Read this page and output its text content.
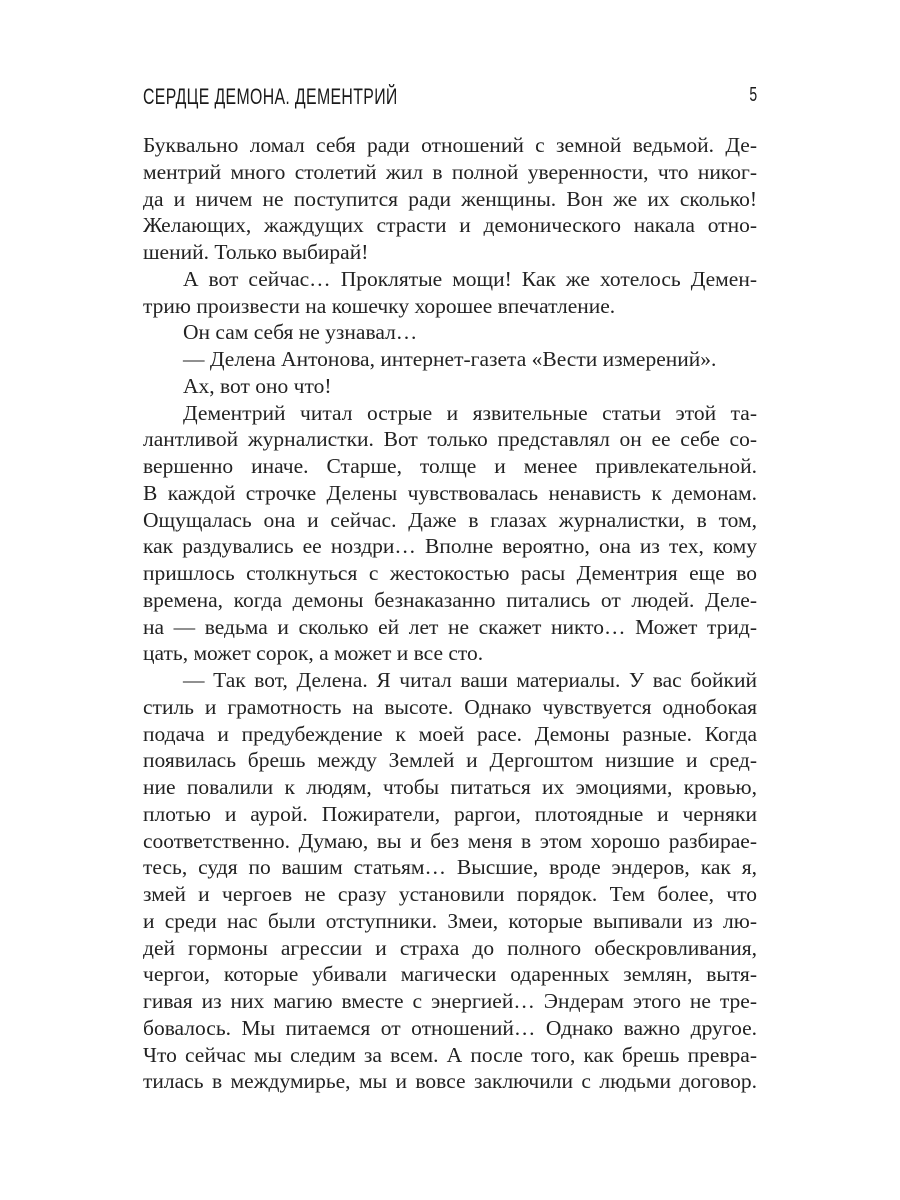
СЕРДЦЕ ДЕМОНА. ДЕМЕНТРИЙ	5
Буквально ломал себя ради отношений с земной ведьмой. Де-
ментрий много столетий жил в полной уверенности, что никог-
да и ничем не поступится ради женщины. Вон же их сколько!
Желающих, жаждущих страсти и демонического накала отно-
шений. Только выбирай!
А вот сейчас… Проклятые мощи! Как же хотелось Демен-
трию произвести на кошечку хорошее впечатление.
Он сам себя не узнавал…
— Делена Антонова, интернет-газета «Вести измерений».
Ах, вот оно что!
Дементрий читал острые и язвительные статьи этой та-
лантливой журналистки. Вот только представлял он ее себе со-
вершенно иначе. Старше, толще и менее привлекательной.
В каждой строчке Делены чувствовалась ненависть к демонам.
Ощущалась она и сейчас. Даже в глазах журналистки, в том,
как раздувались ее ноздри… Вполне вероятно, она из тех, кому
пришлось столкнуться с жестокостью расы Дементрия еще во
времена, когда демоны безнаказанно питались от людей. Деле-
на — ведьма и сколько ей лет не скажет никто… Может трид-
цать, может сорок, а может и все сто.
— Так вот, Делена. Я читал ваши материалы. У вас бойкий
стиль и грамотность на высоте. Однако чувствуется однобокая
подача и предубеждение к моей расе. Демоны разные. Когда
появилась брешь между Землей и Дергоштом низшие и сред-
ние повалили к людям, чтобы питаться их эмоциями, кровью,
плотью и аурой. Пожиратели, раргои, плотоядные и черняки
соответственно. Думаю, вы и без меня в этом хорошо разбирае-
тесь, судя по вашим статьям… Высшие, вроде эндеров, как я,
змей и чергоев не сразу установили порядок. Тем более, что
и среди нас были отступники. Змеи, которые выпивали из лю-
дей гормоны агрессии и страха до полного обескровливания,
чергои, которые убивали магически одаренных землян, вытя-
гивая из них магию вместе с энергией… Эндерам этого не тре-
бовалось. Мы питаемся от отношений… Однако важно другое.
Что сейчас мы следим за всем. А после того, как брешь превра-
тилась в междумирье, мы и вовсе заключили с людьми договор.
